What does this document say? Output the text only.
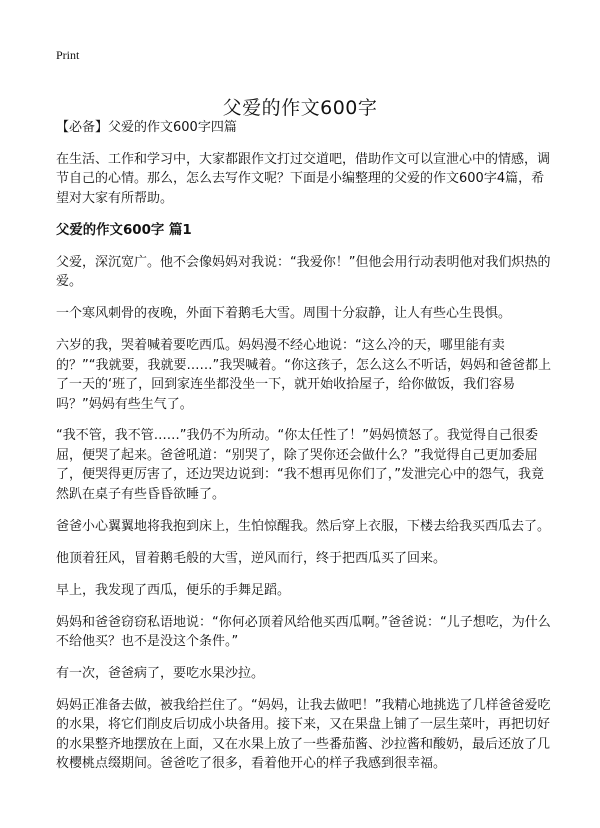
Print
父爱的作文600字

【必备】父爱的作文600字四篇

在生活、工作和学习中，大家都跟作文打过交道吧，借助作文可以宣泄心中的情感，调节自己的心情。那么，怎么去写作文呢？下面是小编整理的父爱的作文600字4篇，希望对大家有所帮助。

父爱的作文600字 篇1

父爱，深沉宽广。他不会像妈妈对我说：“我爱你！”但他会用行动表明他对我们炽热的爱。

一个寒风刺骨的夜晚，外面下着鹅毛大雪。周围十分寂静，让人有些心生畏惧。

六岁的我，哭着喊着要吃西瓜。妈妈漫不经心地说：“这么冷的天，哪里能有卖的？”“我就要，我就要……”我哭喊着。“你这孩子，怎么这么不听话，妈妈和爸爸都上了一天的‘班了，回到家连坐都没坐一下，就开始收拾屋子，给你做饭，我们容易吗？”妈妈有些生气了。

“我不管，我不管……”我仍不为所动。“你太任性了！”妈妈愤怒了。我觉得自己很委屈，便哭了起来。爸爸吼道：“别哭了，除了哭你还会做什么？”我觉得自己更加委屈了，便哭得更厉害了，还边哭边说到：“我不想再见你们了，”发泄完心中的怨气，我竟然趴在桌子有些昏昏欲睡了。

爸爸小心翼翼地将我抱到床上，生怕惊醒我。然后穿上衣服，下楼去给我买西瓜去了。

他顶着狂风，冒着鹅毛般的大雪，逆风而行，终于把西瓜买了回来。

早上，我发现了西瓜，便乐的手舞足蹈。

妈妈和爸爸窃窃私语地说：“你何必顶着风给他买西瓜啊。”爸爸说：“儿子想吃，为什么不给他买？也不是没这个条件。”

有一次，爸爸病了，要吃水果沙拉。

妈妈正准备去做，被我给拦住了。“妈妈，让我去做吧！”我精心地挑选了几样爸爸爱吃的水果，将它们削皮后切成小块备用。接下来，又在果盘上铺了一层生菜叶，再把切好的水果整齐地摆放在上面，又在水果上放了一些番茄酱、沙拉酱和酸奶，最后还放了几枚樱桃点缀期间。爸爸吃了很多，看着他开心的样子我感到很幸福。
